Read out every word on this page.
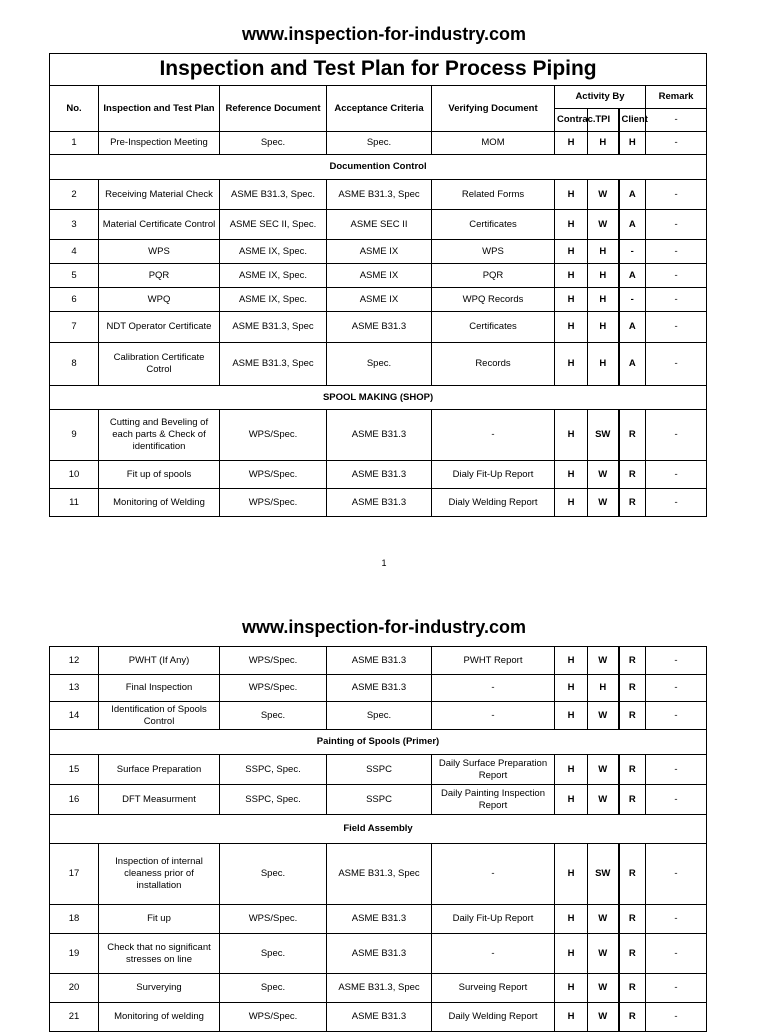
www.inspection-for-industry.com
Inspection and Test Plan for Process Piping								
No.	Inspection and Test Plan	Reference Document	Acceptance Criteria	Verifying Document	Activity By			Remark
					Contrac.	TPI	Client	-
1	Pre-Inspection Meeting	Spec.	Spec.	MOM	H	H	H	-
Documention Control								
2	Receiving Material Check	ASME B31.3, Spec.	ASME B31.3, Spec	Related Forms	H	W	A	-
3	Material Certificate Control	ASME SEC II, Spec.	ASME SEC II	Certificates	H	W	A	-
4	WPS	ASME IX, Spec.	ASME IX	WPS	H	H	-	-
5	PQR	ASME IX, Spec.	ASME IX	PQR	H	H	A	-
6	WPQ	ASME IX, Spec.	ASME IX	WPQ Records	H	H	-	-
7	NDT Operator Certificate	ASME B31.3, Spec	ASME B31.3	Certificates	H	H	A	-
8	Calibration Certificate Cotrol	ASME B31.3, Spec	Spec.	Records	H	H	A	-
SPOOL MAKING (SHOP)								
9	Cutting and Beveling of each parts & Check of identification	WPS/Spec.	ASME B31.3	-	H	SW	R	-
10	Fit up of spools	WPS/Spec.	ASME B31.3	Dialy Fit-Up Report	H	W	R	-
11	Monitoring of Welding	WPS/Spec.	ASME B31.3	Dialy Welding Report	H	W	R	-
1
www.inspection-for-industry.com
12	PWHT (If Any)	WPS/Spec.	ASME B31.3	PWHT Report	H	W	R	-
13	Final Inspection	WPS/Spec.	ASME B31.3	-	H	H	R	-
14	Identification of Spools Control	Spec.	Spec.	-	H	W	R	-
Painting of Spools (Primer)								
15	Surface Preparation	SSPC, Spec.	SSPC	Daily Surface Preparation Report	H	W	R	-
16	DFT Measurment	SSPC, Spec.	SSPC	Daily Painting Inspection Report	H	W	R	-
Field Assembly								
17	Inspection of internal cleaness prior of installation	Spec.	ASME B31.3, Spec	-	H	SW	R	-
18	Fit up	WPS/Spec.	ASME B31.3	Daily Fit-Up Report	H	W	R	-
19	Check that no significant stresses on line	Spec.	ASME B31.3	-	H	W	R	-
20	Surverying	Spec.	ASME B31.3, Spec	Surveing Report	H	W	R	-
21	Monitoring of welding	WPS/Spec.	ASME B31.3	Daily Welding Report	H	W	R	-
